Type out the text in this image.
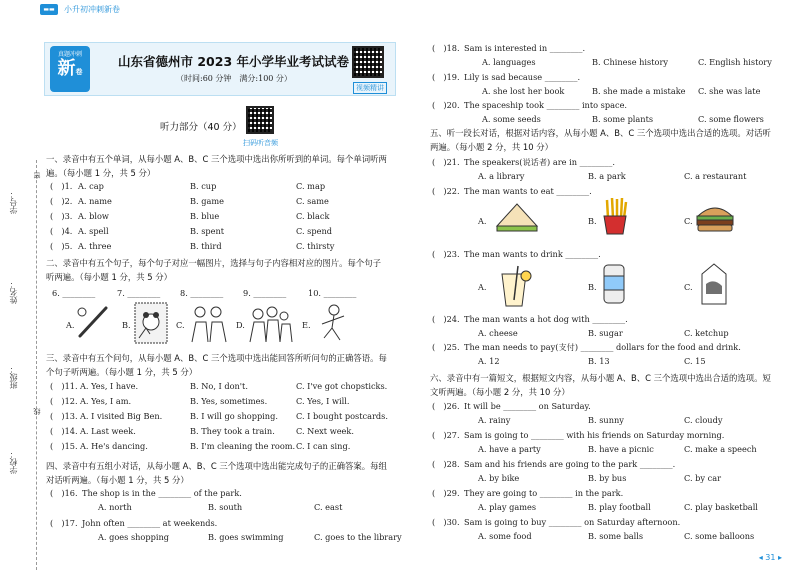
▬▬	小升初冲刺新卷
学号：
姓名：
班级：
学校：
密
线
真题冲刺
新卷
山东省德州市 2023 年小学毕业考试试卷
（时间:60 分钟　满分:100 分）
视频精讲
听力部分（40 分）
扫码听音频
一、录音中有五个单词，从每小题 A、B、C 三个选项中选出你所听到的单词。每个单词听两
遍。（每小题 1 分，共 5 分）
(　)1. A. cap	B. cup	C. map
(　)2. A. name	B. game	C. same
(　)3. A. blow	B. blue	C. black
(　)4. A. spell	B. spent	C. spend
(　)5. A. three	B. third	C. thirsty
二、录音中有五个句子，每个句子对应一幅图片，选择与句子内容相对应的图片。每个句子
听两遍。（每小题 1 分，共 5 分）
6. ________	7. ________ 8. ________ 9. ________	10. ________
A.	B.	C.	D.	E.
三、录音中有五个问句，从每小题 A、B、C 三个选项中选出能回答所听问句的正确答语。每
个句子听两遍。（每小题 1 分，共 5 分）
(　)11. A. Yes, I have.	B. No, I don't.	C. I've got chopsticks.
(　)12. A. Yes, I am.	B. Yes, sometimes.	C. Yes, I will.
(　)13. A. I visited Big Ben.	B. I will go shopping. C. I bought postcards.
(　)14. A. Last week.	B. They took a train.	C. Next week.
(　)15. A. He's dancing.	B. I'm cleaning the room. C. I can sing.
四、录音中有五组小对话，从每小题 A、B、C 三个选项中选出能完成句子的正确答案。每组
对话听两遍。（每小题 1 分，共 5 分）
(　)16. The shop is in the ________ of the park.
A. north	B. south	C. east
(　)17. John often ________ at weekends.
A. goes shopping	B. goes swimming	C. goes to the library
(　)18. Sam is interested in ________.
A. languages	B. Chinese history	C. English history
(　)19. Lily is sad because ________.
A. she lost her book	B. she made a mistake C. she was late
(　)20. The spaceship took ________ into space.
A. some seeds	B. some plants	C. some flowers
五、听一段长对话，根据对话内容，从每小题 A、B、C 三个选项中选出合适的选项。对话听
两遍。（每小题 2 分，共 10 分）
(　)21. The speakers(说话者) are in ________.
A. a library	B. a park	C. a restaurant
(　)22. The man wants to eat ________.
A.	B.	C.
(　)23. The man wants to drink ________.
A.	B.	C.
(　)24. The man wants a hot dog with ________.
A. cheese	B. sugar	C. ketchup
(　)25. The man needs to pay(支付) ________ dollars for the food and drink.
A. 12	B. 13	C. 15
六、录音中有一篇短文，根据短文内容，从每小题 A、B、C 三个选项中选出合适的选项。短
文听两遍。（每小题 2 分，共 10 分）
(　)26. It will be ________ on Saturday.
A. rainy	B. sunny	C. cloudy
(　)27. Sam is going to ________ with his friends on Saturday morning.
A. have a party	B. have a picnic	C. make a speech
(　)28. Sam and his friends are going to the park ________.
A. by bike	B. by bus	C. by car
(　)29. They are going to ________ in the park.
A. play games	B. play football	C. play basketball
(　)30. Sam is going to buy ________ on Saturday afternoon.
A. some food	B. some balls	C. some balloons
◂ 31 ▸
